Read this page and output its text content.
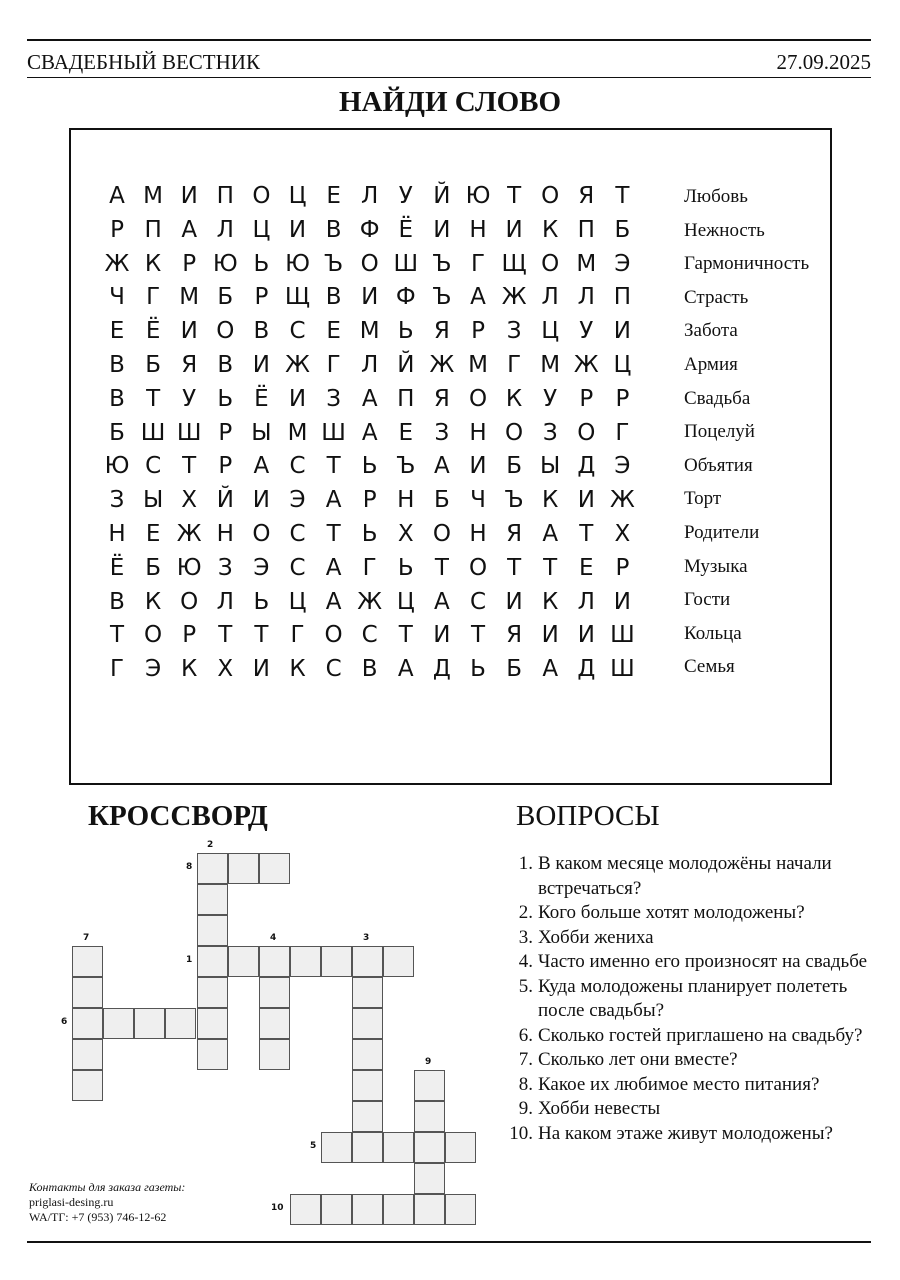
СВАДЕБНЫЙ ВЕСТНИК	27.09.2025
НАЙДИ СЛОВО
А М И П О Ц Е Л У Й Ю Т О Я Т
Р П А Л Ц И В Ф Ё И Н И К П Б
Ж К Р Ю Ь Ю Ъ О Ш Ъ Г Щ О М Э
Ч Г М Б Р Щ В И Ф Ъ А Ж Л Л П
Е Ё И О В С Е М Ь Я Р З Ц У И
В Б Я В И Ж Г Л Й Ж М Г М Ж Ц
В Т У Ь Ё И З А П Я О К У Р Р
Б Ш Ш Р Ы М Ш А Е З Н О З О Г
Ю С Т Р А С Т Ь Ъ А И Б Ы Д Э
З Ы Х Й И Э А Р Н Б Ч Ъ К И Ж
Н Е Ж Н О С Т Ь Х О Н Я А Т Х
Ё Б Ю З Э С А Г Ь Т О Т Т Е Р
В К О Л Ь Ц А Ж Ц А С И К Л И
Т О Р Т Т Г О С Т И Т Я И И Ш
Г Э К Х И К С В А Д Ь Б А Д Ш
Любовь
Нежность
Гармоничность
Страсть
Забота
Армия
Свадьба
Поцелуй
Объятия
Торт
Родители
Музыка
Гости
Кольца
Семья
КРОССВОРД	ВОПРОСЫ
1
2
3
4
5
6
7
8
9
10
1. В каком месяце молодожёны начали встречаться?
2. Кого больше хотят молодожены?
3. Хобби жениха
4. Часто именно его произносят на свадьбе
5. Куда молодожены планирует полететь после свадьбы?
6. Сколько гостей приглашено на свадьбу?
7. Сколько лет они вместе?
8. Какое их любимое место питания?
9. Хобби невесты
10. На каком этаже живут молодожены?
Контакты для заказа газеты:
priglasi-desing.ru
WA/TГ: +7 (953) 746-12-62
